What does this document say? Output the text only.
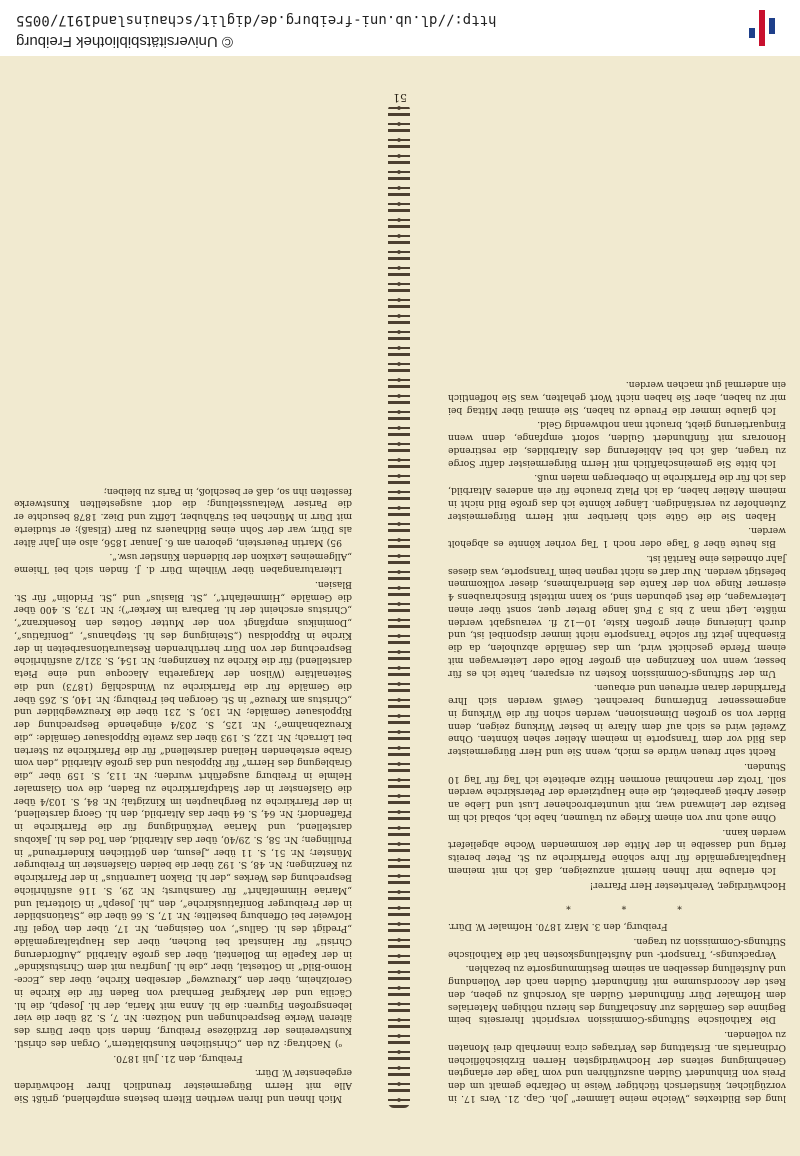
© Universitätsbibliothek Freiburg
http://dl.ub.uni-freiburg.de/diglit/schauinsland1917/0055

lung des Bildtextes „Weiche meine Lämmer“ Joh. Cap. 21. Vers 17. in vorzüglicher, künstlerisch tüchtiger Weise in Oelfarbe gemalt um den Preis von Einhundert Gulden auszuführen und vom Tage der erlangten Genehmigung seitens der Hochwürdigsten Herren Erzbischöflichen Ordinariats an. Erstattung des Vertrages circa innerhalb drei Monaten zu vollenden.

Die Katholische Stiftungs-Commission verspricht Ihrerseits beim Beginne des Gemäldes zur Anschaffung des hierzu nöthigen Materiales dem Hofmaler Dürr fünfhundert Gulden als Vorschuß zu geben, den Rest der Accordsumme mit fünfhundert Gulden nach der Vollendung und Aufstellung desselben an seinem Bestimmungsorte zu bezahlen.

Verpackungs-, Transport- und Aufstellungskosten hat die Katholische Stiftungs-Commission zu tragen.

Freiburg, den 3. März 1870. Hofmaler W. Dürr.

* * *

Hochwürdiger, Verehrtester Herr Pfarrer!

Ich erlaube mir Ihnen hiermit anzuzeigen, daß ich mit meinem Hauptaltargemälde für Ihre schöne Pfarrkirche zu St. Peter bereits fertig und dasselbe in der Mitte der kommenden Woche abgeliefert werden kann.

Ohne auch nur von einem Kriege zu träumen, habe ich, sobald ich im Besitze der Leinwand war, mit ununterbrochener Lust und Liebe an dieser Arbeit gearbeitet, die eine Hauptzierde der Peterskirche werden soll. Trotz der manchmal enormen Hitze arbeitete ich Tag für Tag 10 Stunden.

Recht sehr freuen würde es mich, wenn Sie und Herr Bürgermeister das Bild vor dem Transporte in meinem Atelier sehen könnten. Ohne Zweifel wird es sich auf dem Altare in bester Wirkung zeigen, denn Bilder von so großen Dimensionen, werden schon für die Wirkung in angemessener Entfernung berechnet. Gewiß werden sich Ihre Pfarrkinder daran erfreuen und erbauen.

Um der Stiftungs-Commission Kosten zu ersparen, hatte ich es für besser, wenn von Kenzingen ein großer Rolle oder Leiterwagen mit einem Pferde geschickt wird, um das Gemälde abzuholen, da die Eisenbahn jetzt für solche Transporte nicht immer disponibel ist, und durch Linierung einer großen Kiste, 10—12 fl. verausgabt werden müßte. Legt man 2 bis 3 Fuß lange Breter quer, sonst über einen Leiterwagen, die fest gebunden sind, so kann mittelst Einschraubens 4 eiserner Ringe von der Kante des Blendrahmens, dieser vollkommen befestigt werden. Nur darf es nicht regnen beim Transporte, was dieses Jahr ohnedies eine Rarität ist.

Bis heute über 8 Tage oder noch 1 Tag vorher könnte es abgeholt werden.

Haben Sie die Güte sich hierüber mit Herrn Bürgermeister Zutenhofer zu verständigen. Länger könnte ich das große Bild nicht in meinem Atelier haben, da ich Platz brauche für ein anderes Altarbild, das ich für die Pfarrkirche in Oberbergen malen muß.

Ich bitte Sie gemeinschaftlich mit Herrn Bürgermeister dafür Sorge zu tragen, daß ich bei Ablieferung des Altarbildes, die restirende Honorars mit fünfhundert Gulden, sofort empfange, denn wenn Einquartierung giebt, braucht man nothwendig Geld.

Ich glaube immer die Freude zu haben, Sie einmal über Mittag bei mir zu haben, aber Sie haben nicht Wort gehalten, was Sie hoffentlich ein andermal gut machen werden.

Mich Ihnen und Ihren werthen Eltern bestens empfehlend, grüßt Sie Alle mit Herrn Bürgermeister freundlich Ihrer Hochwürden ergebenster W. Dürr.

Freiburg, den 21. Juli 1870.

ᵒ) Nachtrag: Zu den „Christlichen Kunstblättern“, Organ des christl. Kunstvereines der Erzdiözese Freiburg, finden sich über Dürrs des älteren Werke Besprechungen und Notizen: Nr. 7, S. 28 über die vier lebensgroßen Figuren: die hl. Anna mit Maria, der hl. Joseph, die hl. Cäcilia und der Markgraf Bernhard von Baden für die Kirche in Gerolzheim, über den „Kreuzweg“ derselben Kirche, über das „Ecce-Homo-Bild“ in Gottestal, über „die hl. Jungfrau mit dem Christuskinde“ in der Kapelle im Bollenteil, über das große Altarbild „Aufforderung Christi“ für Hainstadt bei Buchen, über das Hauptaltargemälde „Predigt des hl. Gallus“, von Geisingen, Nr. 17, über den Vogel für Hofweier bei Offenburg bestellte; Nr. 17, S. 66 über die „Stationsbilder in der Freiburger Bonifatiuskirche“, den „hl. Joseph“ in Glottertal und „Mariae Himmelfahrt“ für Gamshurst; Nr. 29, S. 116 ausführliche Besprechung des Werkes „der hl. Diakon Laurentius“ in der Pfarrkirche zu Kenzingen; Nr. 48, S. 192 über die beiden Glasfenster im Freiburger Münster; Nr. 51, S. 11 über „Jesum, den göttlichen Kinderfreund“ in Pfullingen; Nr. 58, S. 29/40, über das Altarbild, den Tod des hl. Jakobus darstellend, und Mariae Verkündigung für die Pfarrkirche in Pfaffendorf; Nr. 64, S. 64 über das Altarbild, den hl. Georg darstellend, in der Pfarrkirche zu Berghaupten im Kinzigtal; Nr. 84, S. 103/4 über die Glasfenster in der Stadtpfarrkirche zu Baden, die von Glasmaler Helmle in Freiburg ausgeführt wurden; Nr. 113, S. 159 über „die Grablegung des Herrn“ für Rippolsau und das große Altarbild „den vom Grabe erstehenden Heiland darstellend“ für die Pfarrkirche zu Sterten bei Lörrach; Nr. 122, S. 193 über das zweite Rippolsauer Gemälde: „die Kreuzabnahme“; Nr. 125, S. 203/4 eingehende Besprechung der Rippolsauer Gemälde; Nr. 130, S. 231 über die Kreuzwegbilder und „Christus am Kreuze“ in St. Georgen bei Freiburg; Nr. 140, S. 265 über die Gemälde für die Pfarrkirche zu Windschläg (1873) und die Seitenaltäre (Wilson der Margaretha Alacoque und eine Pieta darstellend) für die Kirche zu Kenzingen; Nr. 154, S. 321/2 ausführliche Besprechung der von Dürr herrührenden Restaurationsarbeiten in der Kirche in Rippoldsau („Steinigung des hl. Stephanus“, „Bonifatius“, „Dominikus empfängt von der Mutter Gottes den Rosenkranz“, „Christus erscheint der hl. Barbara im Kerker“); Nr. 173, S. 400 über die Gemälde „Himmelfahrt“, „St. Blasius“ und „St. Fridolin“ für St. Blasien.

Literaturangaben über Wilhelm Dürr d. J. finden sich bei Thieme „Allgemeines Lexikon der bildenden Künstler usw.“.

95) Martin Feuerstein, geboren am 6. Januar 1856, also ein Jahr älter als Dürr, war der Sohn eines Bildhauers zu Barr (Elsaß); er studierte mit Dürr in München bei Strähuber, Löfftz und Diez. 1878 besuchte er die Pariser Weltausstellung; die dort ausgestellten Kunstwerke fesselten ihn so, daß er beschloß, in Paris zu bleiben;

51
